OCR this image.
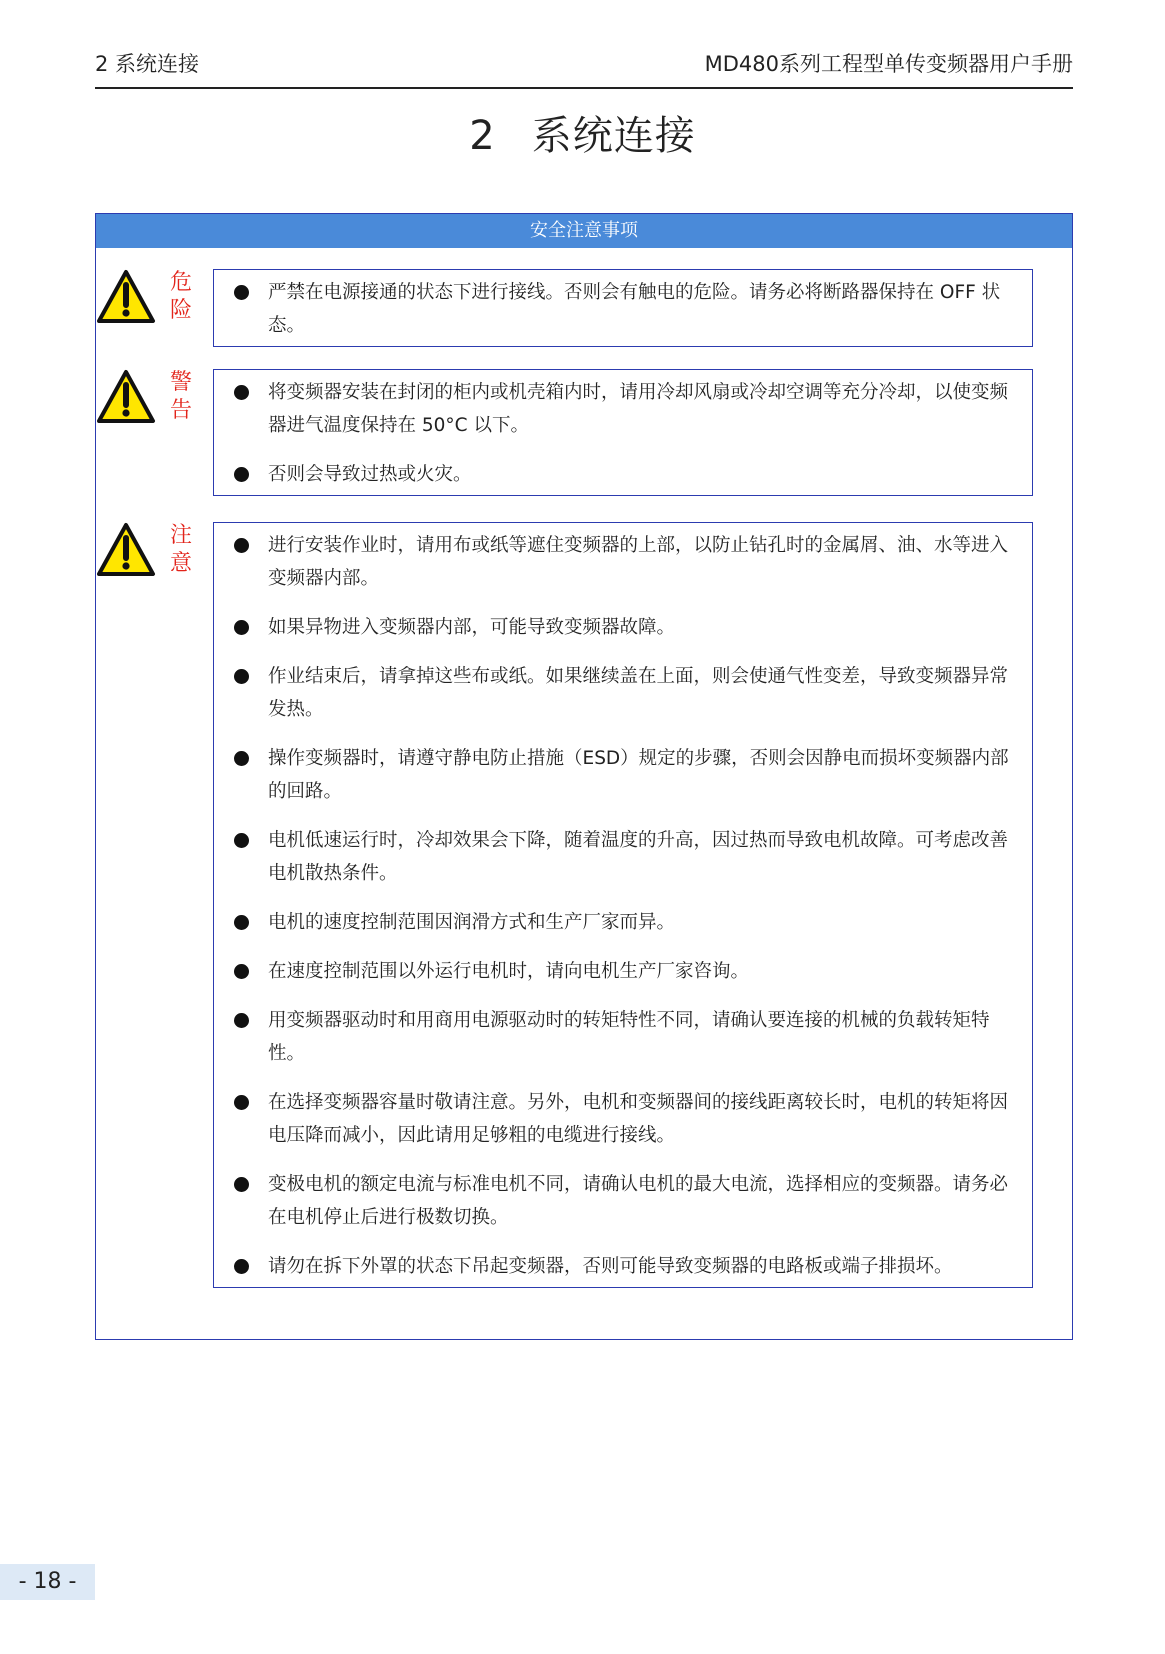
2 系统连接	MD480系列工程型单传变频器用户手册
2 系统连接
安全注意事项
危
险
严禁在电源接通的状态下进行接线。否则会有触电的危险。请务必将断路器保持在 OFF 状态。
警
告
将变频器安装在封闭的柜内或机壳箱内时，请用冷却风扇或冷却空调等充分冷却，以使变频器进气温度保持在 50°C 以下。
否则会导致过热或火灾。
注
意
进行安装作业时，请用布或纸等遮住变频器的上部，以防止钻孔时的金属屑、油、水等进入变频器内部。
如果异物进入变频器内部，可能导致变频器故障。
作业结束后，请拿掉这些布或纸。如果继续盖在上面，则会使通气性变差，导致变频器异常发热。
操作变频器时，请遵守静电防止措施（ESD）规定的步骤，否则会因静电而损坏变频器内部的回路。
电机低速运行时，冷却效果会下降，随着温度的升高，因过热而导致电机故障。可考虑改善电机散热条件。
电机的速度控制范围因润滑方式和生产厂家而异。
在速度控制范围以外运行电机时，请向电机生产厂家咨询。
用变频器驱动时和用商用电源驱动时的转矩特性不同，请确认要连接的机械的负载转矩特性。
在选择变频器容量时敬请注意。另外，电机和变频器间的接线距离较长时，电机的转矩将因电压降而减小，因此请用足够粗的电缆进行接线。
变极电机的额定电流与标准电机不同，请确认电机的最大电流，选择相应的变频器。请务必在电机停止后进行极数切换。
请勿在拆下外罩的状态下吊起变频器，否则可能导致变频器的电路板或端子排损坏。
- 18 -
